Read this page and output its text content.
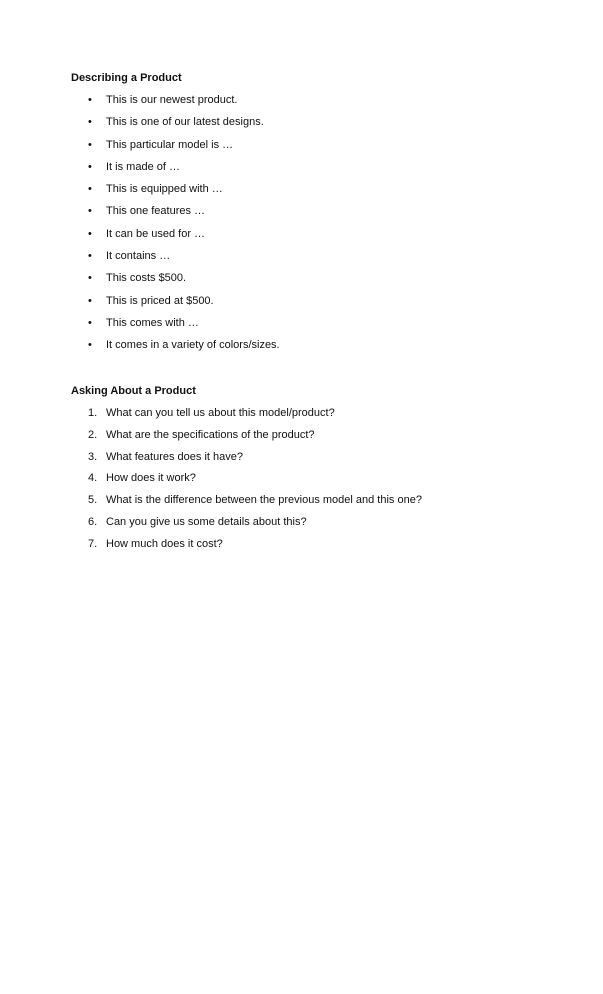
Describing a Product
• This is our newest product.
• This is one of our latest designs.
• This particular model is …
• It is made of …
• This is equipped with …
• This one features …
• It can be used for …
• It contains …
• This costs $500.
• This is priced at $500.
• This comes with …
• It comes in a variety of colors/sizes.
Asking About a Product
1. What can you tell us about this model/product?
2. What are the specifications of the product?
3. What features does it have?
4. How does it work?
5. What is the difference between the previous model and this one?
6. Can you give us some details about this?
7. How much does it cost?
